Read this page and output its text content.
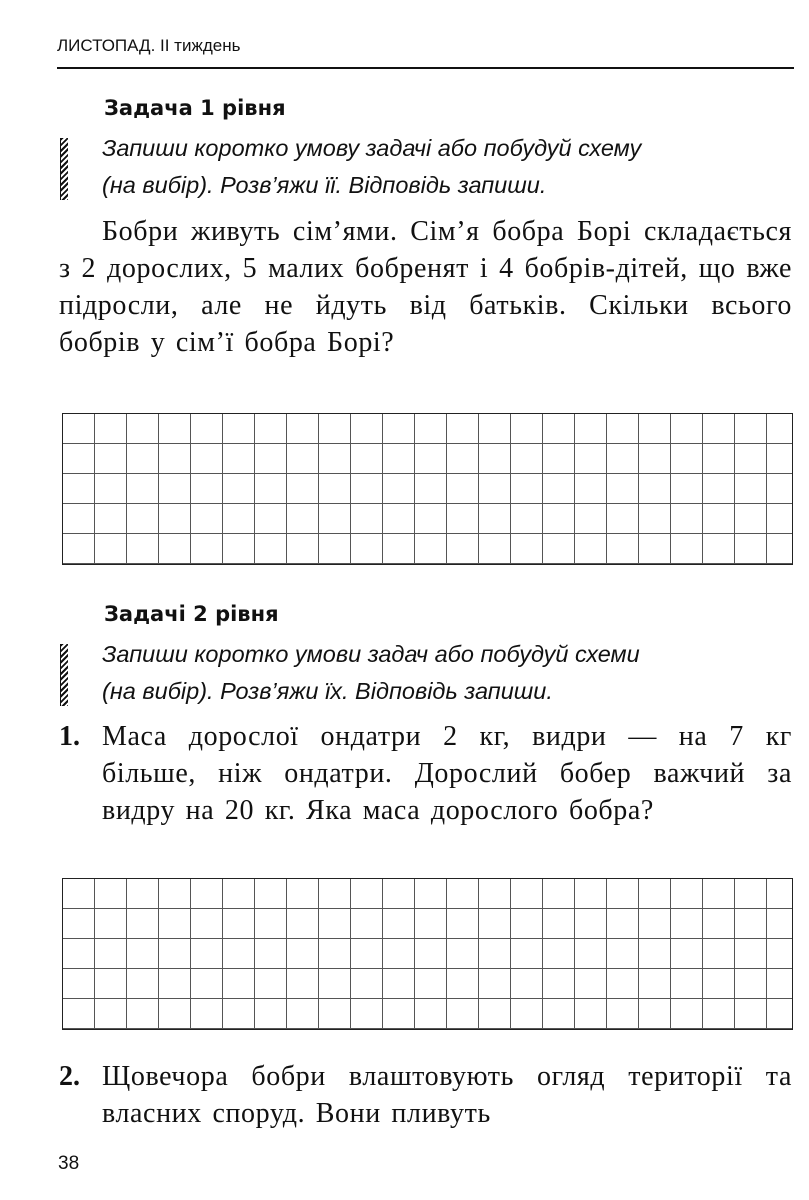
ЛИСТОПАД. ІІ тиждень
Задача 1 рівня
Запиши коротко умову задачі або побудуй схему
(на вибір). Розв’яжи її. Відповідь запиши.
Бобри живуть сім’ями. Сім’я бобра Борі складається з 2 дорослих, 5 малих бобренят і 4 бобрів-дітей, що вже підросли, але не йдуть від батьків. Скільки всього бобрів у сім’ї бобра Борі?
Задачі 2 рівня
Запиши коротко умови задач або побудуй схеми
(на вибір). Розв’яжи їх. Відповідь запиши.
1. Маса дорослої ондатри 2 кг, видри — на 7 кг більше, ніж ондатри. Дорослий бобер важчий за видру на 20 кг. Яка маса дорослого бобра?
2. Щовечора бобри влаштовують огляд території та власних споруд. Вони пливуть
38
